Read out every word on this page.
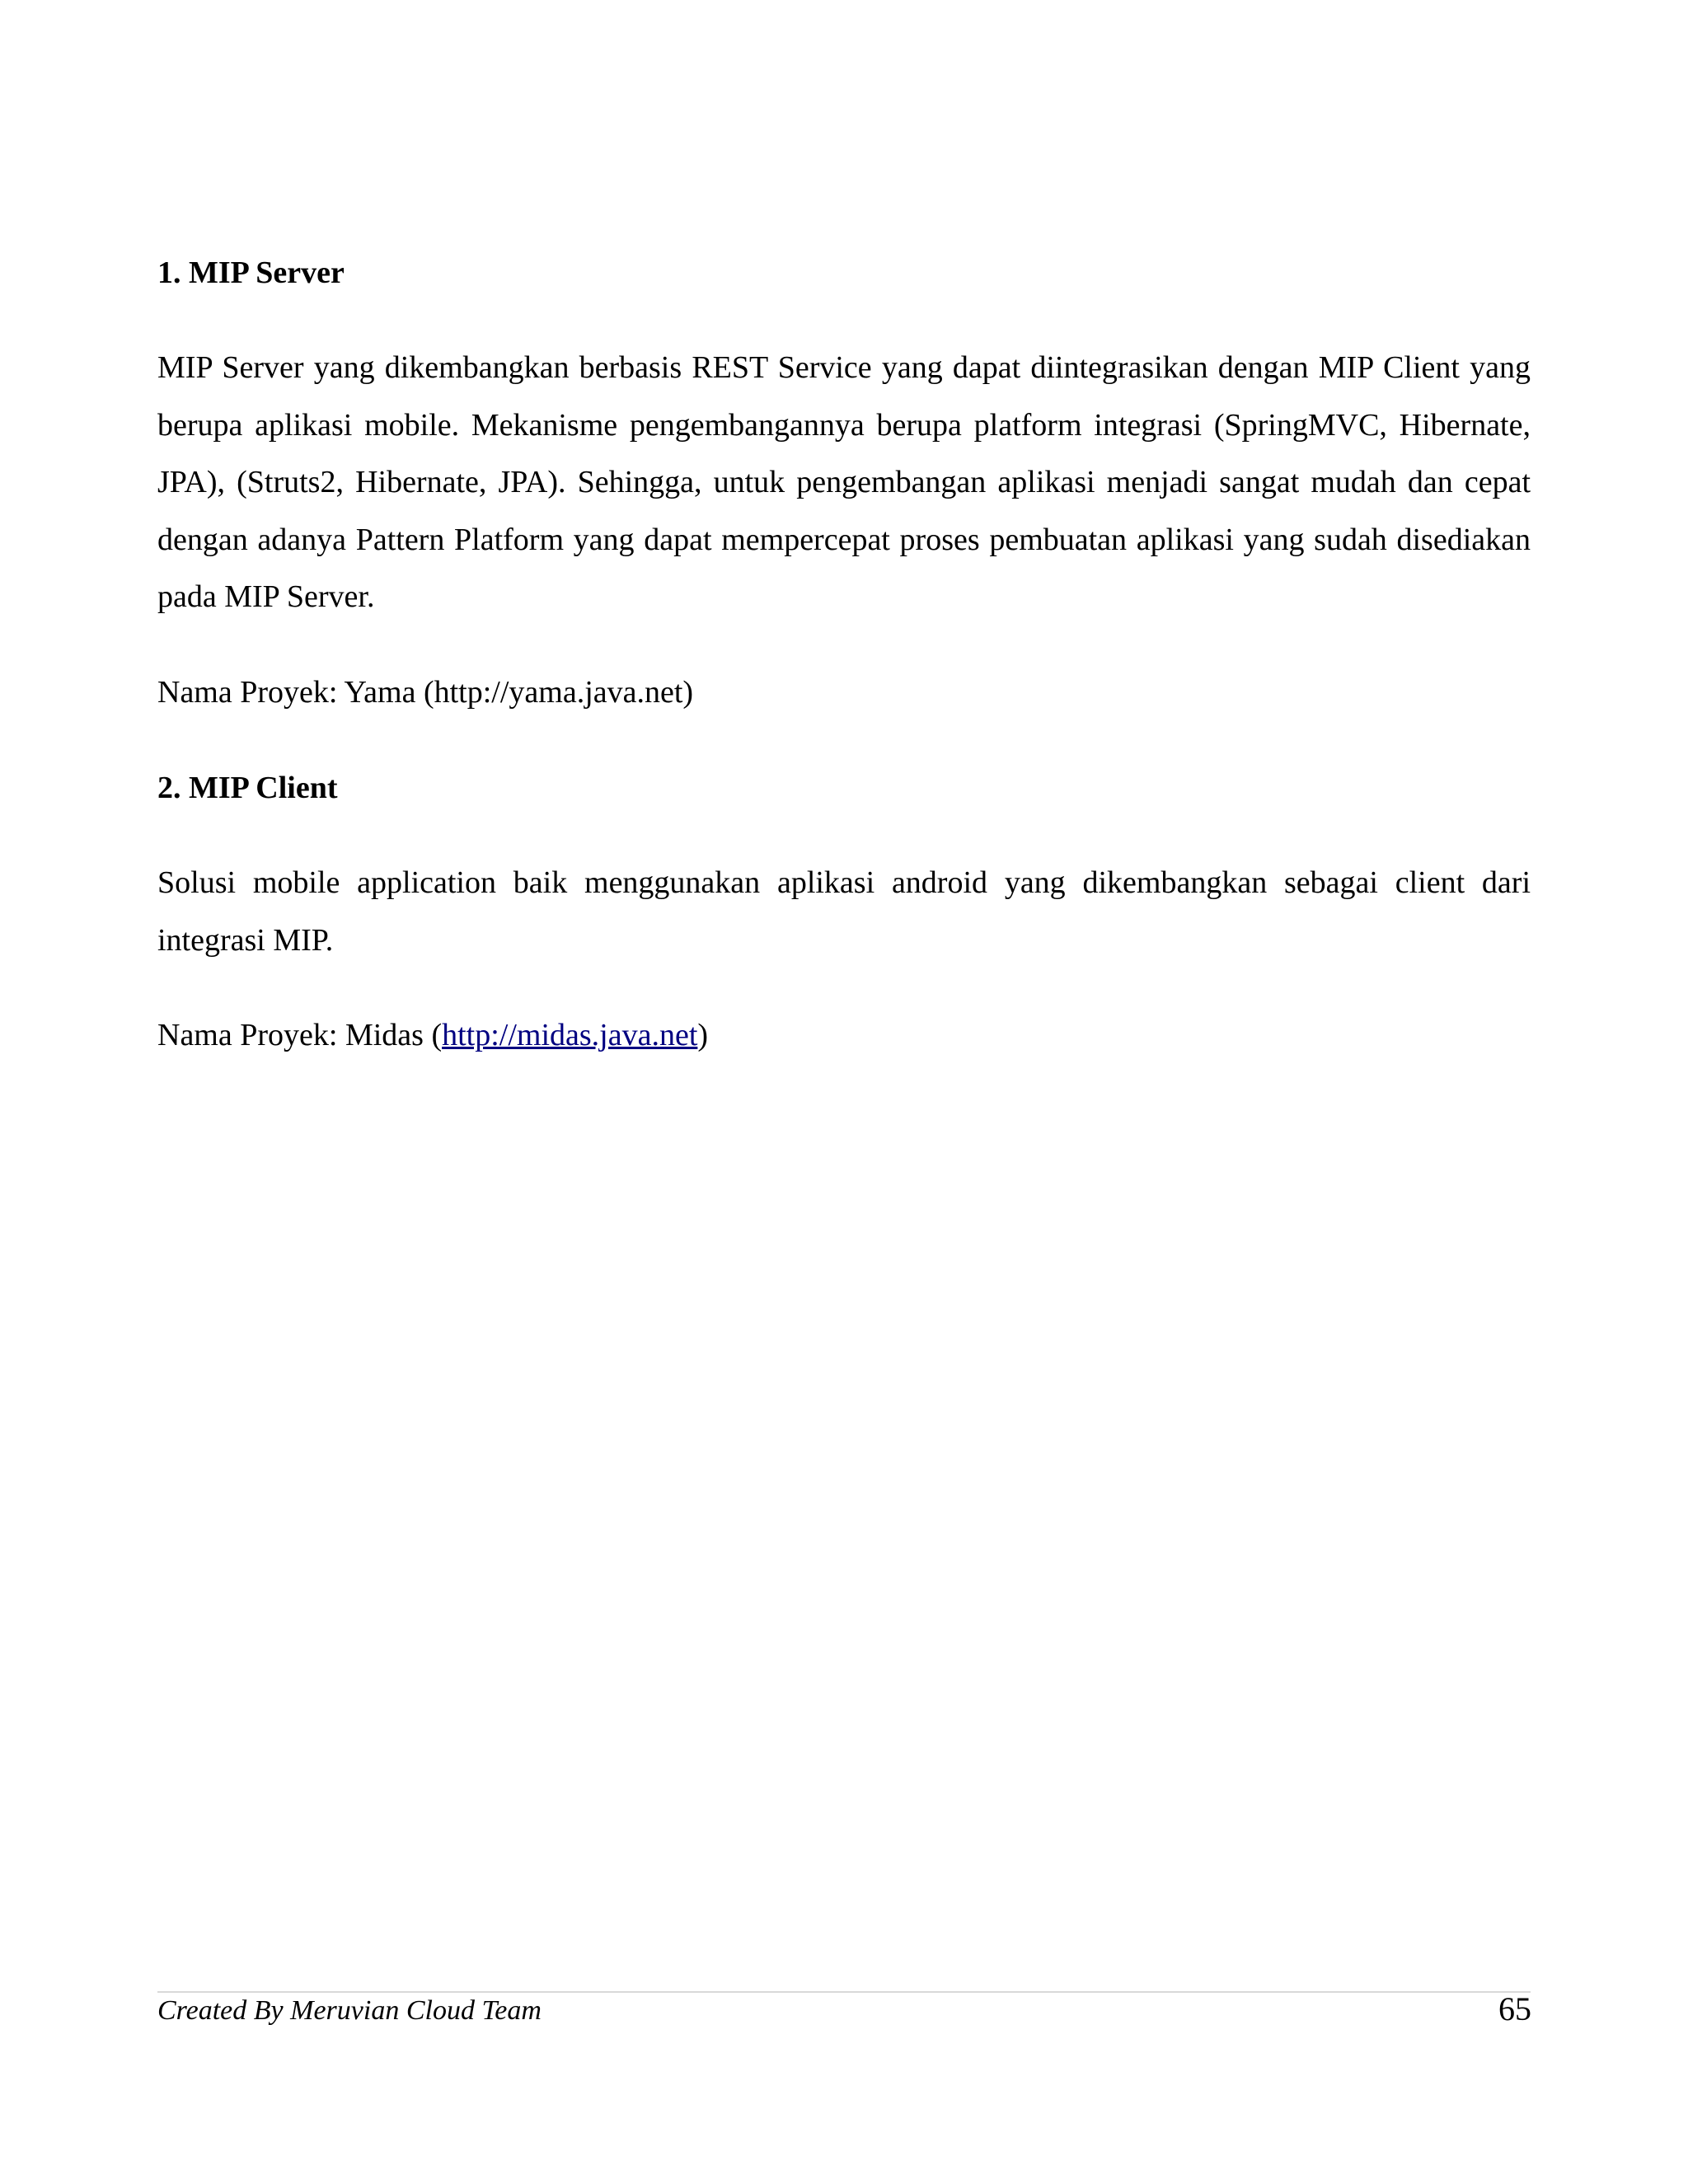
1. MIP Server

MIP Server yang dikembangkan berbasis REST Service yang dapat diintegrasikan dengan MIP Client yang berupa aplikasi mobile. Mekanisme pengembangannya berupa platform integrasi (SpringMVC, Hibernate, JPA), (Struts2, Hibernate, JPA). Sehingga, untuk pengembangan aplikasi menjadi sangat mudah dan cepat dengan adanya Pattern Platform yang dapat mempercepat proses pembuatan aplikasi yang sudah disediakan pada MIP Server.

Nama Proyek: Yama (http://yama.java.net)

2. MIP Client

Solusi mobile application baik menggunakan aplikasi android yang dikembangkan sebagai client dari integrasi MIP.

Nama Proyek: Midas (http://midas.java.net)

Created By Meruvian Cloud Team	65
